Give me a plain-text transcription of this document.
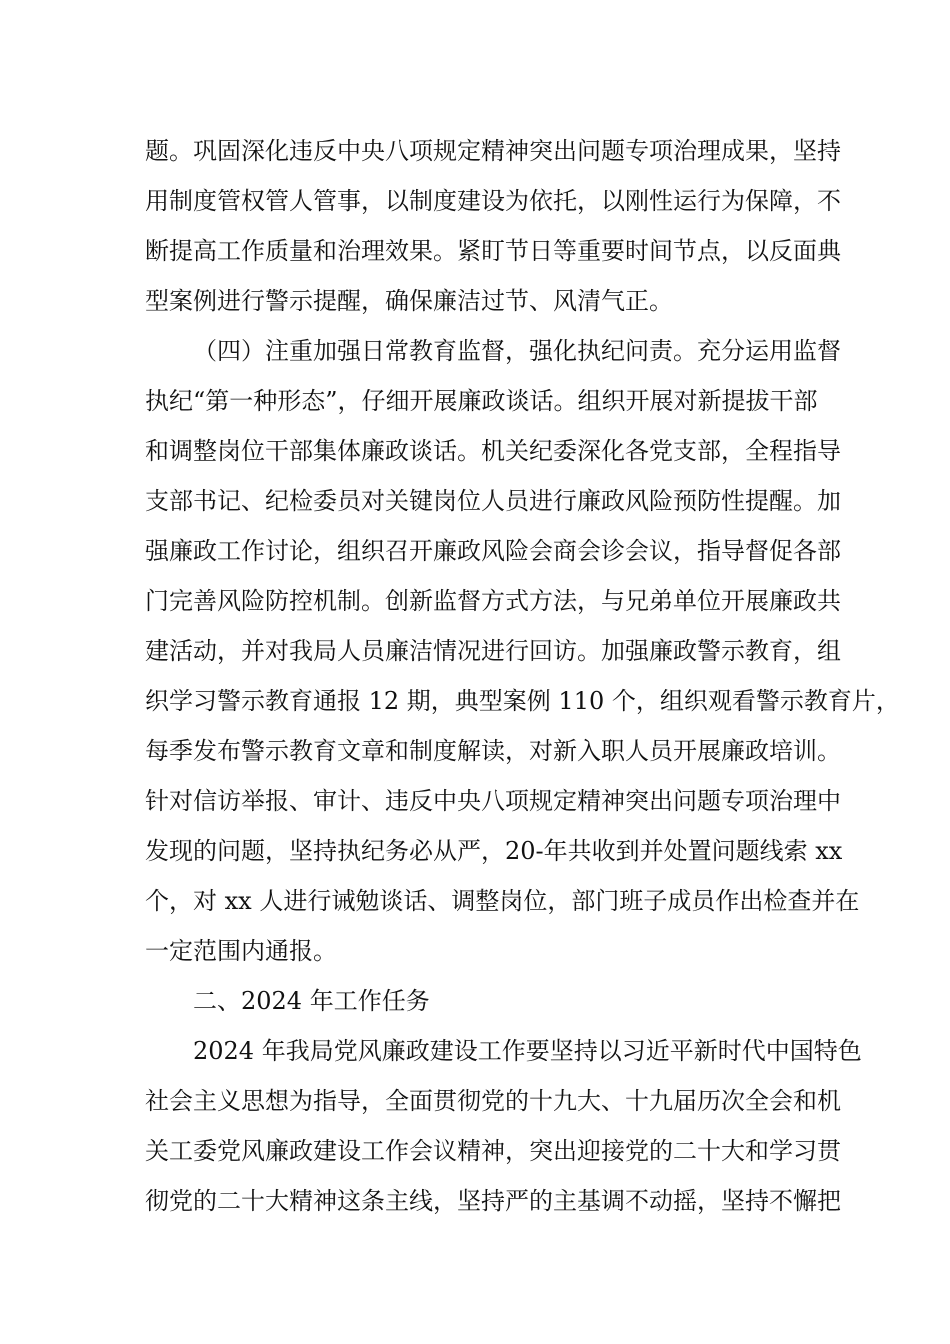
题。巩固深化违反中央八项规定精神突出问题专项治理成果，坚持
用制度管权管人管事，以制度建设为依托，以刚性运行为保障，不
断提高工作质量和治理效果。紧盯节日等重要时间节点，以反面典
型案例进行警示提醒，确保廉洁过节、风清气正。
（四）注重加强日常教育监督，强化执纪问责。充分运用监督
执纪“第一种形态”，仔细开展廉政谈话。组织开展对新提拔干部
和调整岗位干部集体廉政谈话。机关纪委深化各党支部，全程指导
支部书记、纪检委员对关键岗位人员进行廉政风险预防性提醒。加
强廉政工作讨论，组织召开廉政风险会商会诊会议，指导督促各部
门完善风险防控机制。创新监督方式方法，与兄弟单位开展廉政共
建活动，并对我局人员廉洁情况进行回访。加强廉政警示教育，组
织学习警示教育通报 12 期，典型案例 110 个，组织观看警示教育片，
每季发布警示教育文章和制度解读，对新入职人员开展廉政培训。
针对信访举报、审计、违反中央八项规定精神突出问题专项治理中
发现的问题，坚持执纪务必从严，20-年共收到并处置问题线索 xx
个，对 xx 人进行诫勉谈话、调整岗位，部门班子成员作出检查并在
一定范围内通报。
二、2024 年工作任务
2024 年我局党风廉政建设工作要坚持以习近平新时代中国特色
社会主义思想为指导，全面贯彻党的十九大、十九届历次全会和机
关工委党风廉政建设工作会议精神，突出迎接党的二十大和学习贯
彻党的二十大精神这条主线，坚持严的主基调不动摇，坚持不懈把
